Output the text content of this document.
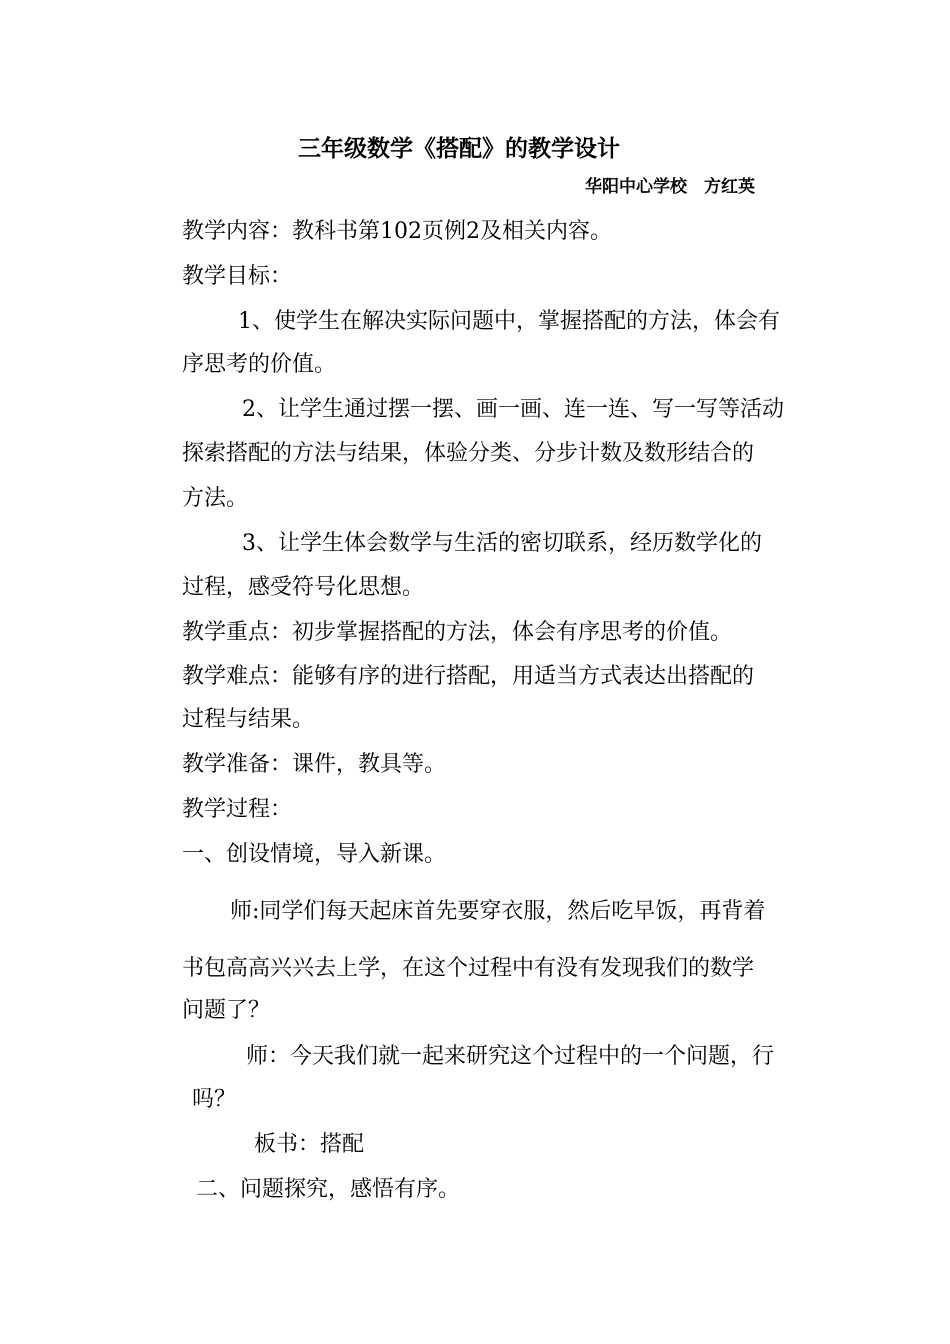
三年级数学《搭配》的教学设计
华阳中心学校　方红英
教学内容：教科书第102页例2及相关内容。
教学目标：
1、使学生在解决实际问题中，掌握搭配的方法，体会有
序思考的价值。
2、让学生通过摆一摆、画一画、连一连、写一写等活动
探索搭配的方法与结果，体验分类、分步计数及数形结合的
方法。
3、让学生体会数学与生活的密切联系，经历数学化的
过程，感受符号化思想。
教学重点：初步掌握搭配的方法，体会有序思考的价值。
教学难点：能够有序的进行搭配，用适当方式表达出搭配的
过程与结果。
教学准备：课件，教具等。
教学过程：
一、创设情境，导入新课。
师:同学们每天起床首先要穿衣服，然后吃早饭，再背着
书包高高兴兴去上学，在这个过程中有没有发现我们的数学
问题了？
师：今天我们就一起来研究这个过程中的一个问题，行
吗？
板书：搭配
二、问题探究，感悟有序。
